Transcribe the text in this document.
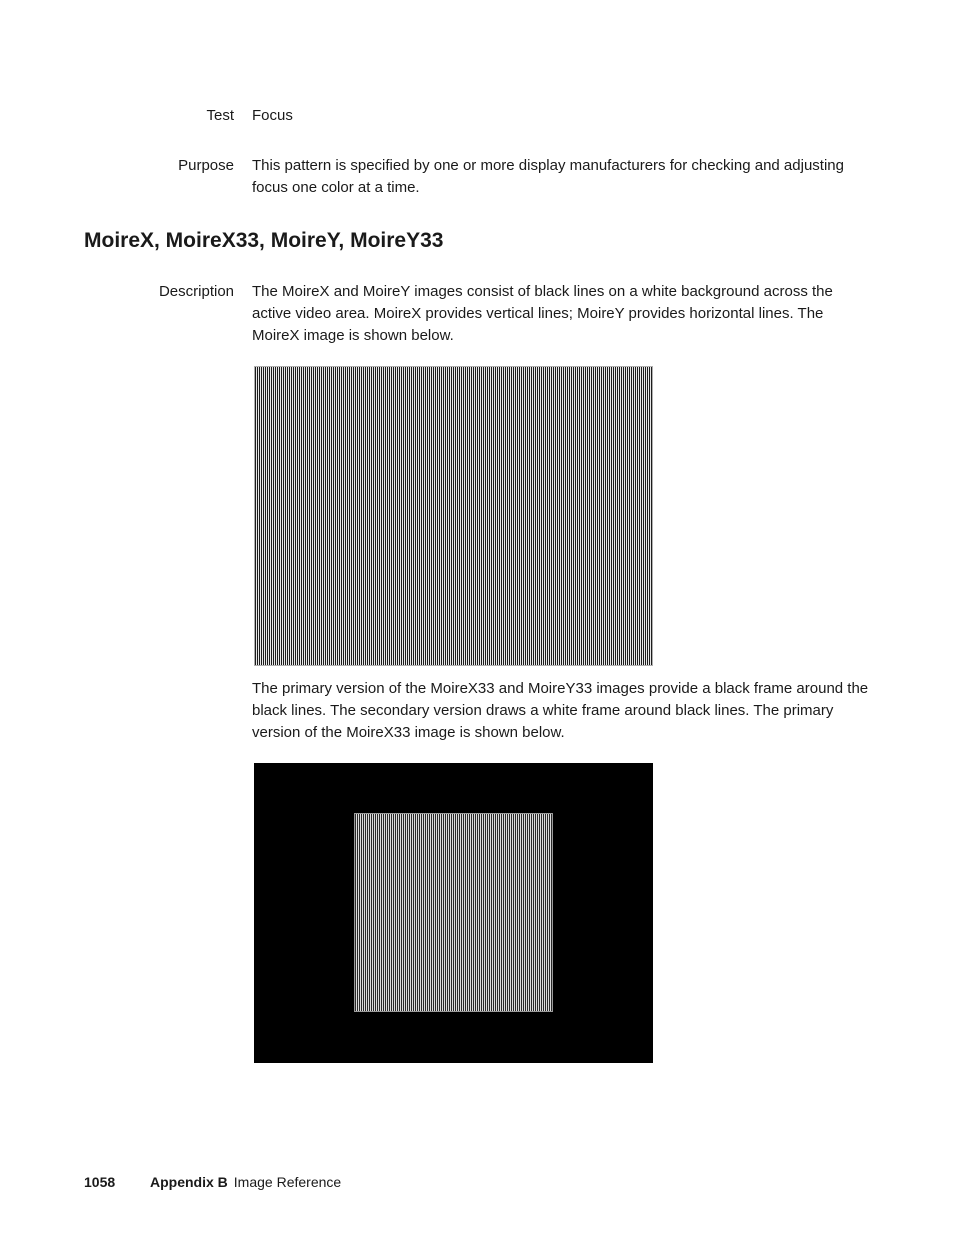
Test Focus
Purpose This pattern is specified by one or more display manufacturers for checking and adjusting focus one color at a time.
MoireX, MoireX33, MoireY, MoireY33
Description The MoireX and MoireY images consist of black lines on a white background across the active video area. MoireX provides vertical lines; MoireY provides horizontal lines. The MoireX image is shown below.

The primary version of the MoireX33 and MoireY33 images provide a black frame around the black lines. The secondary version draws a white frame around black lines. The primary version of the MoireX33 image is shown below.

1058 Appendix B Image Reference
